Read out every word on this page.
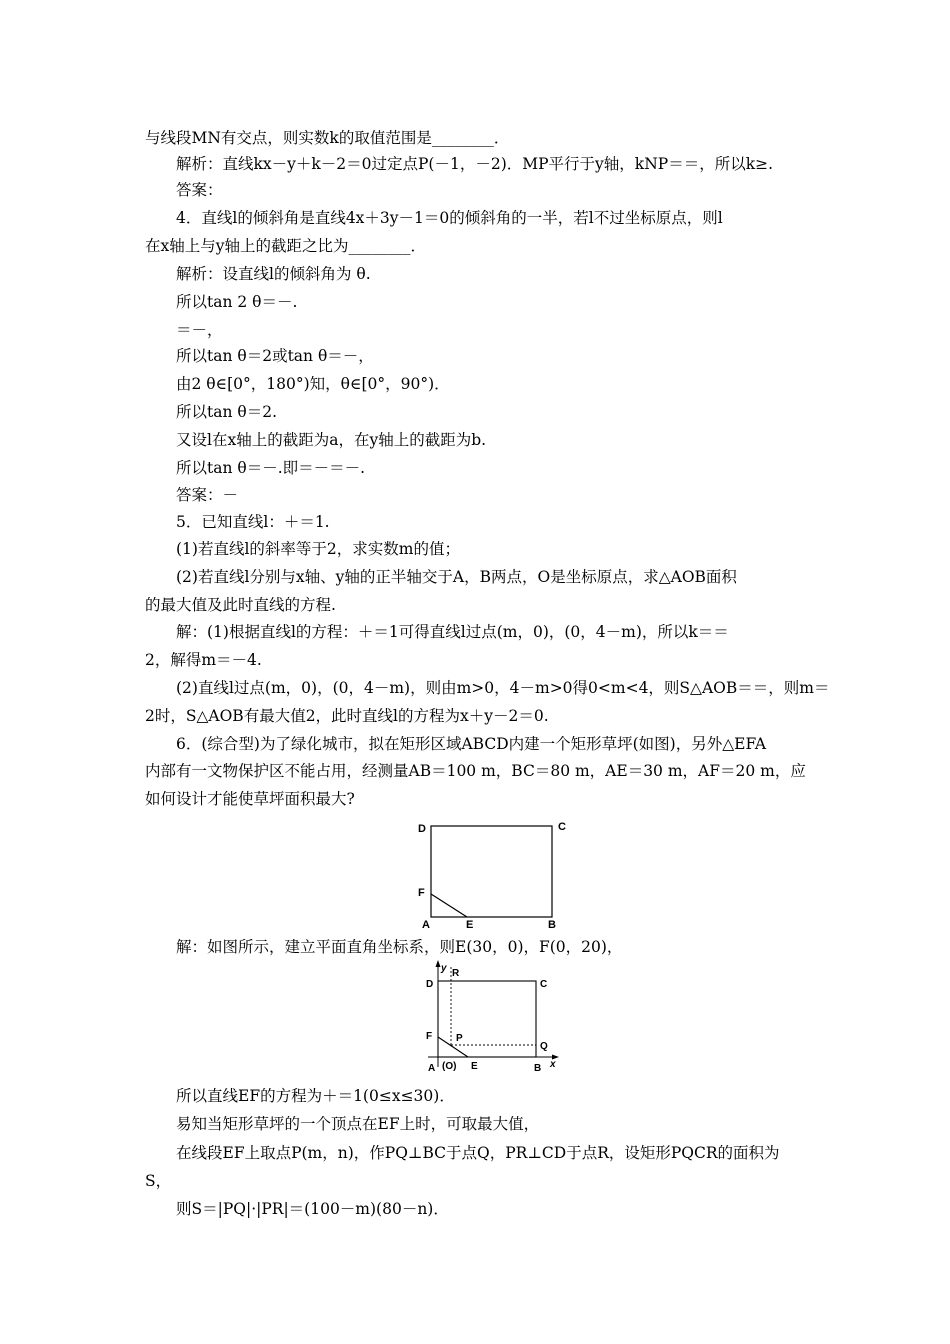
与线段MN有交点，则实数k的取值范围是________．
解析：直线kx－y＋k－2＝0过定点P(－1，－2)．MP平行于y轴，kNP＝＝，所以k≥.
答案：
4．直线l的倾斜角是直线4x＋3y－1＝0的倾斜角的一半，若l不过坐标原点，则l
在x轴上与y轴上的截距之比为________．
解析：设直线l的倾斜角为 θ.
所以tan 2 θ＝－.
＝－，
所以tan θ＝2或tan θ＝－，
由2 θ∈[0°，180°)知，θ∈[0°，90°)．
所以tan θ＝2.
又设l在x轴上的截距为a，在y轴上的截距为b.
所以tan θ＝－.即＝－＝－.
答案：－
5．已知直线l：＋＝1.
(1)若直线l的斜率等于2，求实数m的值；
(2)若直线l分别与x轴、y轴的正半轴交于A，B两点，O是坐标原点，求△AOB面积
的最大值及此时直线的方程.
解：(1)根据直线l的方程：＋＝1可得直线l过点(m，0)，(0，4－m)，所以k＝＝
2，解得m＝－4.
(2)直线l过点(m，0)，(0，4－m)，则由m>0，4－m>0得0<m<4，则S△AOB＝＝，则m＝
2时，S△AOB有最大值2，此时直线l的方程为x＋y－2＝0.
6．(综合型)为了绿化城市，拟在矩形区域ABCD内建一个矩形草坪(如图)，另外△EFA
内部有一文物保护区不能占用，经测量AB＝100 m，BC＝80 m，AE＝30 m，AF＝20 m，应
如何设计才能使草坪面积最大?
D	C
F
A	E	B
解：如图所示，建立平面直角坐标系，则E(30，0)，F(0，20)，
y R
D	C
F P
Q
A (O) E	B x
所以直线EF的方程为＋＝1(0≤x≤30)．
易知当矩形草坪的一个顶点在EF上时，可取最大值，
在线段EF上取点P(m，n)，作PQ⊥BC于点Q，PR⊥CD于点R，设矩形PQCR的面积为
S，
则S＝|PQ|·|PR|＝(100－m)(80－n)．
